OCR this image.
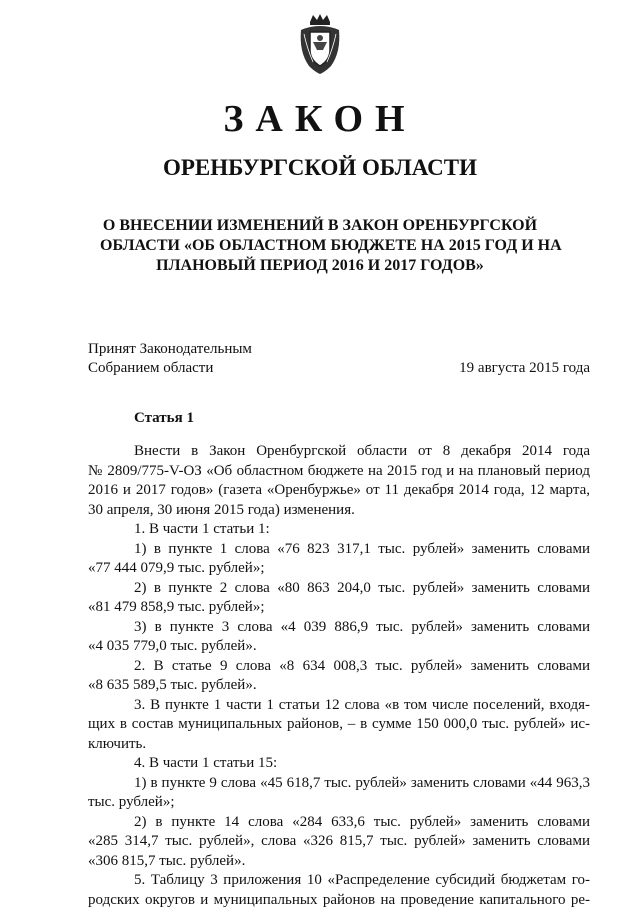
ЗАКОН
ОРЕНБУРГСКОЙ ОБЛАСТИ
О ВНЕСЕНИИ ИЗМЕНЕНИЙ В ЗАКОН ОРЕНБУРГСКОЙ
ОБЛАСТИ «ОБ ОБЛАСТНОМ БЮДЖЕТЕ НА 2015 ГОД И НА
ПЛАНОВЫЙ ПЕРИОД 2016 И 2017 ГОДОВ»
Принят Законодательным
Собранием области	19 августа 2015 года
Статья 1
Внести в Закон Оренбургской области от 8 декабря 2014 года
№ 2809/775-V-ОЗ «Об областном бюджете на 2015 год и на плановый период
2016 и 2017 годов» (газета «Оренбуржье» от 11 декабря 2014 года, 12 марта,
30 апреля, 30 июня 2015 года) изменения.
1. В части 1 статьи 1:
1) в пункте 1 слова «76 823 317,1 тыс. рублей» заменить словами
«77 444 079,9 тыс. рублей»;
2) в пункте 2 слова «80 863 204,0 тыс. рублей» заменить словами
«81 479 858,9 тыс. рублей»;
3) в пункте 3 слова «4 039 886,9 тыс. рублей» заменить словами
«4 035 779,0 тыс. рублей».
2. В статье 9 слова «8 634 008,3 тыс. рублей» заменить словами
«8 635 589,5 тыс. рублей».
3. В пункте 1 части 1 статьи 12 слова «в том числе поселений, входя-
щих в состав муниципальных районов, – в сумме 150 000,0 тыс. рублей» ис-
ключить.
4. В части 1 статьи 15:
1) в пункте 9 слова «45 618,7 тыс. рублей» заменить словами «44 963,3
тыс. рублей»;
2) в пункте 14 слова «284 633,6 тыс. рублей» заменить словами
«285 314,7 тыс. рублей», слова «326 815,7 тыс. рублей» заменить словами
«306 815,7 тыс. рублей».
5. Таблицу 3 приложения 10 «Распределение субсидий бюджетам го-
родских округов и муниципальных районов на проведение капитального ре-
